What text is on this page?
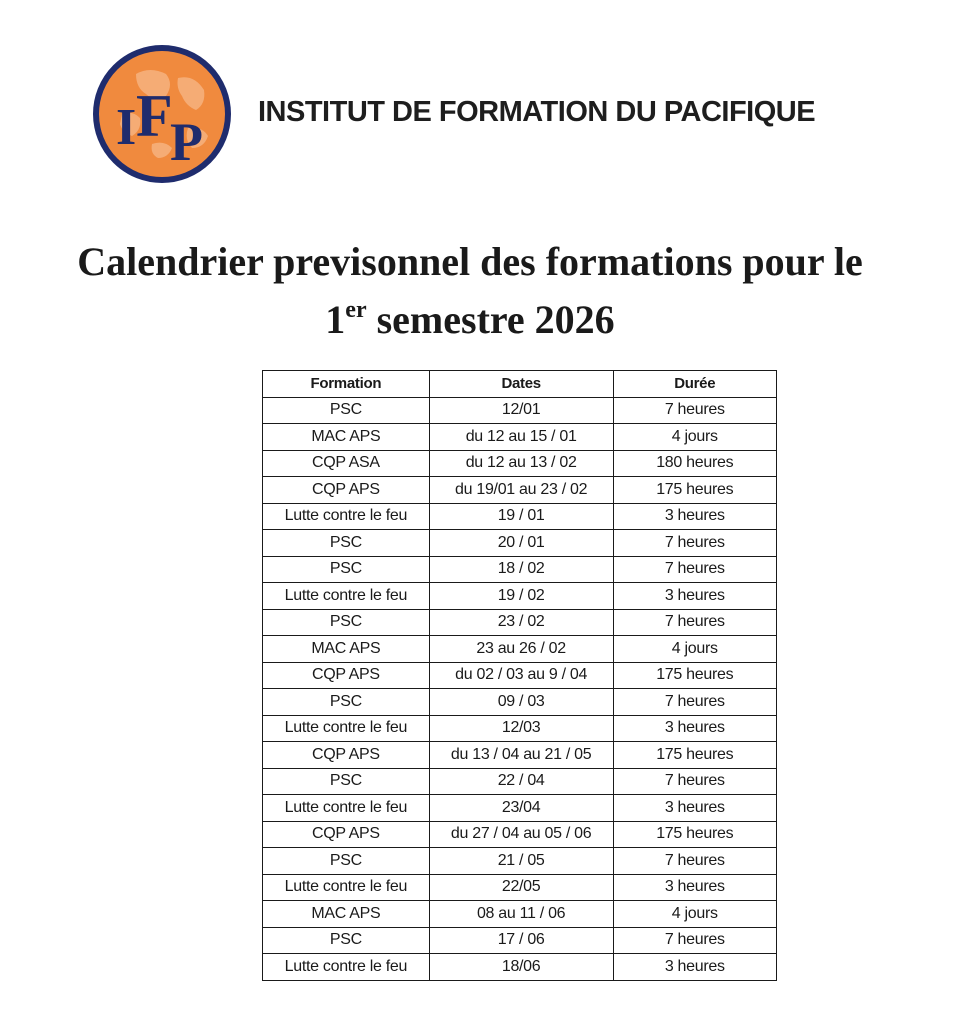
I F
P INSTITUT DE FORMATION DU PACIFIQUE
Calendrier previsonnel des formations pour le
1er semestre 2026
Formation	Dates	Durée
PSC	12/01	7 heures
MAC APS	du 12 au 15 / 01	4 jours
CQP ASA	du 12 au 13 / 02	180 heures
CQP APS	du 19/01 au 23 / 02	175 heures
Lutte contre le feu	19 / 01	3 heures
PSC	20 / 01	7 heures
PSC	18 / 02	7 heures
Lutte contre le feu	19 / 02	3 heures
PSC	23 / 02	7 heures
MAC APS	23 au 26 / 02	4 jours
CQP APS	du 02 / 03 au 9 / 04	175 heures
PSC	09 / 03	7 heures
Lutte contre le feu	12/03	3 heures
CQP APS	du 13 / 04 au 21 / 05	175 heures
PSC	22 / 04	7 heures
Lutte contre le feu	23/04	3 heures
CQP APS	du 27 / 04 au 05 / 06	175 heures
PSC	21 / 05	7 heures
Lutte contre le feu	22/05	3 heures
MAC APS	08 au 11 / 06	4 jours
PSC	17 / 06	7 heures
Lutte contre le feu	18/06	3 heures
